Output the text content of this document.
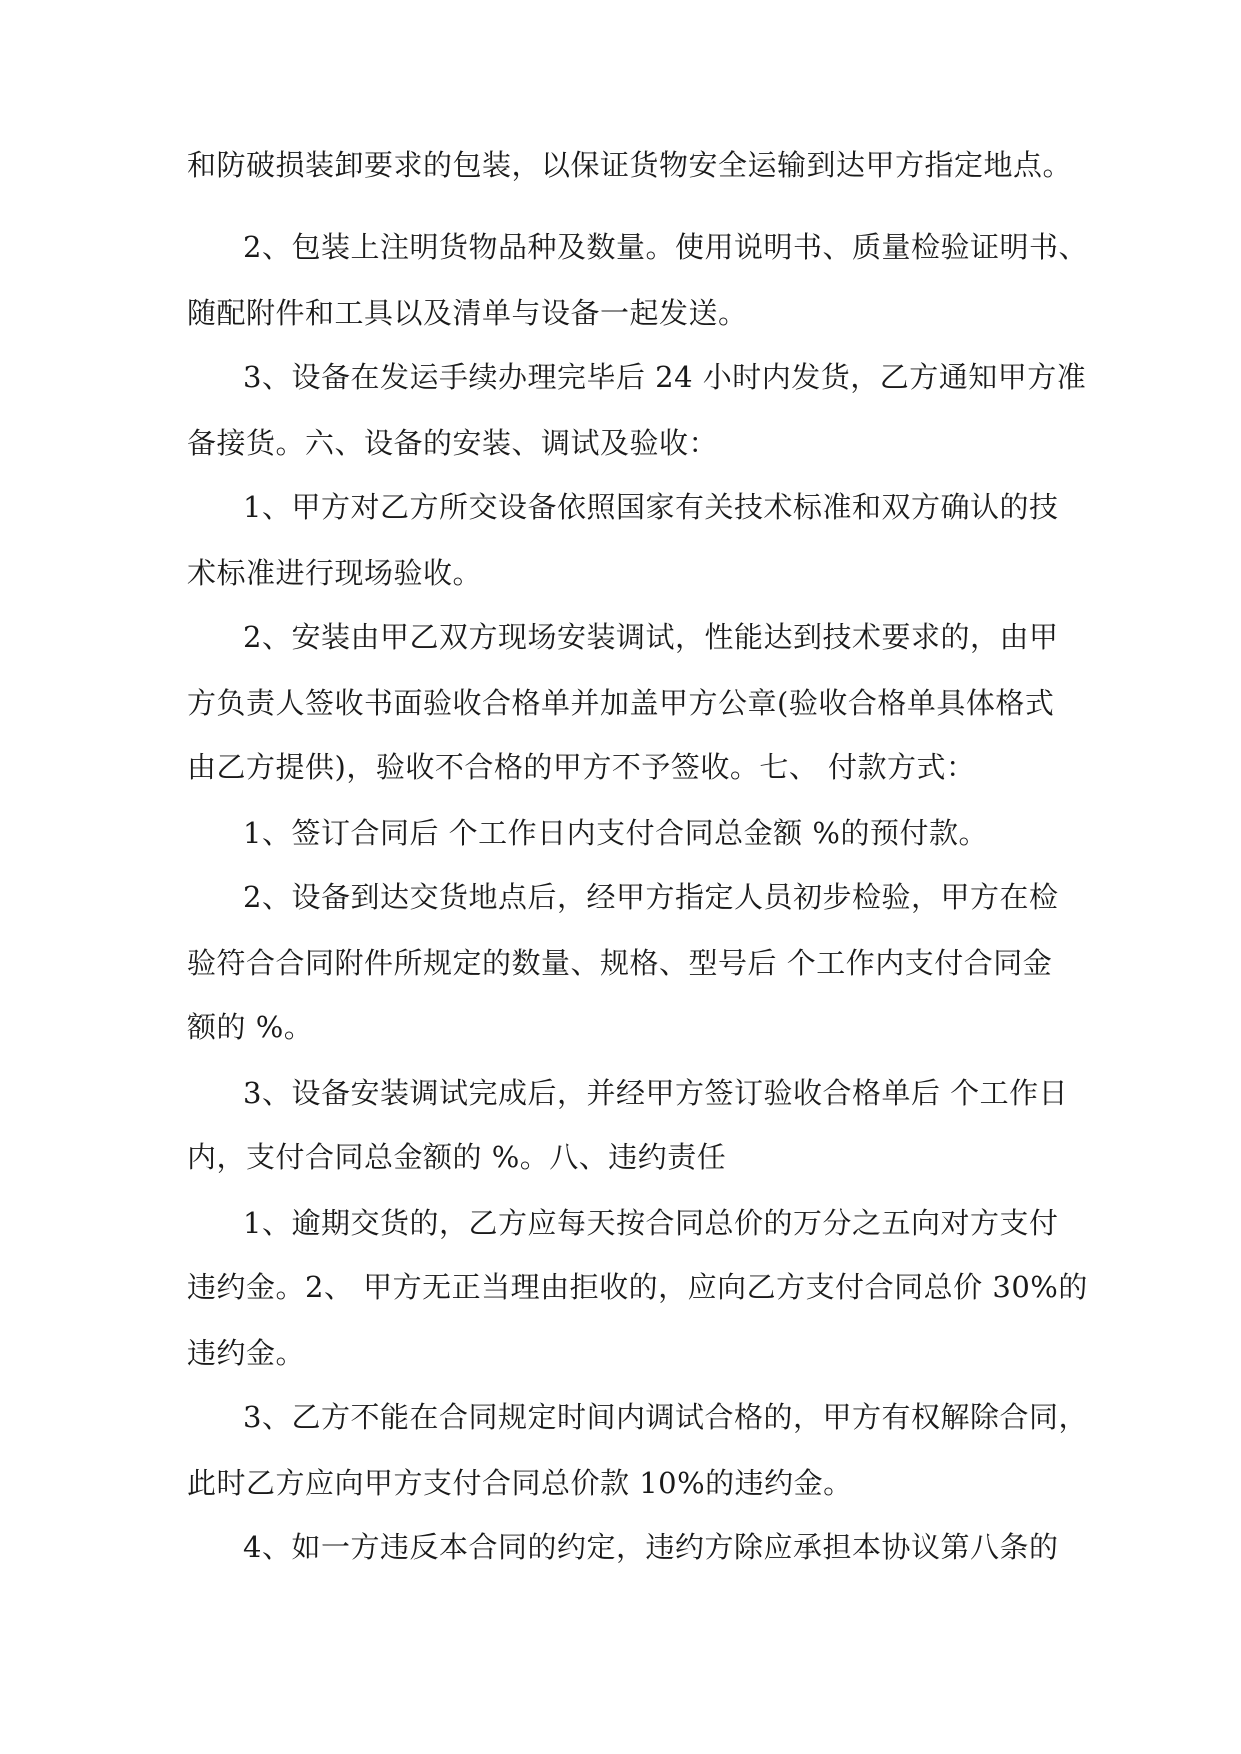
和防破损装卸要求的包装，以保证货物安全运输到达甲方指定地点。
2、包装上注明货物品种及数量。使用说明书、质量检验证明书、
随配附件和工具以及清单与设备一起发送。
3、设备在发运手续办理完毕后 24 小时内发货，乙方通知甲方准
备接货。六、设备的安装、调试及验收：
1、甲方对乙方所交设备依照国家有关技术标准和双方确认的技
术标准进行现场验收。
2、安装由甲乙双方现场安装调试，性能达到技术要求的，由甲
方负责人签收书面验收合格单并加盖甲方公章(验收合格单具体格式
由乙方提供)，验收不合格的甲方不予签收。七、 付款方式：
1、签订合同后 个工作日内支付合同总金额 %的预付款。
2、设备到达交货地点后，经甲方指定人员初步检验，甲方在检
验符合合同附件所规定的数量、规格、型号后 个工作内支付合同金
额的 %。
3、设备安装调试完成后，并经甲方签订验收合格单后 个工作日
内，支付合同总金额的 %。八、违约责任
1、逾期交货的，乙方应每天按合同总价的万分之五向对方支付
违约金。2、 甲方无正当理由拒收的，应向乙方支付合同总价 30%的
违约金。
3、乙方不能在合同规定时间内调试合格的，甲方有权解除合同，
此时乙方应向甲方支付合同总价款 10%的违约金。
4、如一方违反本合同的约定，违约方除应承担本协议第八条的
